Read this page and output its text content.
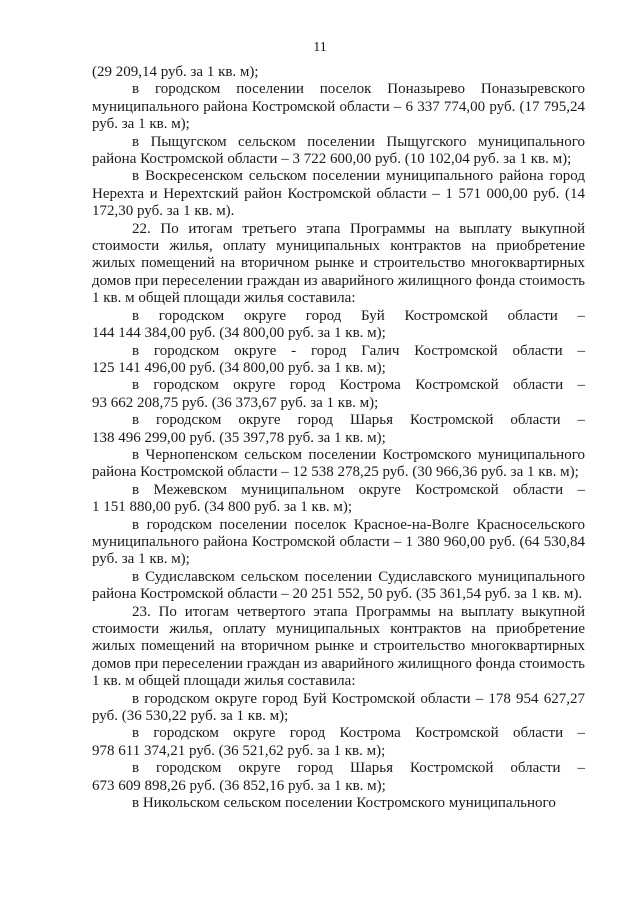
11

(29 209,14 руб. за 1 кв. м);

в городском поселении поселок Поназырево Поназыревского

муниципального района Костромской области – 6 337 774,00 руб. (17 795,24 руб. за 1 кв. м);

в Пыщугском сельском поселении Пыщугского муниципального

района Костромской области – 3 722 600,00 руб. (10 102,04 руб. за 1 кв. м);

в Воскресенском сельском поселении муниципального района город

Нерехта и Нерехтский район Костромской области – 1 571 000,00 руб. (14 172,30 руб. за 1 кв. м).

22. По итогам третьего этапа Программы на выплату выкупной

стоимости жилья, оплату муниципальных контрактов на приобретение жилых помещений на вторичном рынке и строительство многоквартирных домов при переселении граждан из аварийного жилищного фонда стоимость 1 кв. м общей площади жилья составила:

в городском округе город Буй Костромской области –

144 144 384,00 руб. (34 800,00 руб. за 1 кв. м);

в городском округе - город Галич Костромской области –

125 141 496,00 руб. (34 800,00 руб. за 1 кв. м);

в городском округе город Кострома Костромской области –

93 662 208,75 руб. (36 373,67 руб. за 1 кв. м);

в городском округе город Шарья Костромской области –

138 496 299,00 руб. (35 397,78 руб. за 1 кв. м);

в Чернопенском сельском поселении Костромского муниципального

района Костромской области – 12 538 278,25 руб. (30 966,36 руб. за 1 кв. м);

в Межевском муниципальном округе Костромской области –

1 151 880,00 руб. (34 800 руб. за 1 кв. м);

в городском поселении поселок Красное-на-Волге Красносельского

муниципального района Костромской области – 1 380 960,00 руб. (64 530,84 руб. за 1 кв. м);

в Судиславском сельском поселении Судиславского муниципального

района Костромской области – 20 251 552, 50 руб. (35 361,54 руб. за 1 кв. м).

23. По итогам четвертого этапа Программы на выплату выкупной

стоимости жилья, оплату муниципальных контрактов на приобретение жилых помещений на вторичном рынке и строительство многоквартирных домов при переселении граждан из аварийного жилищного фонда стоимость 1 кв. м общей площади жилья составила:

в городском округе город Буй Костромской области – 178 954 627,27

руб. (36 530,22 руб. за 1 кв. м);

в городском округе город Кострома Костромской области –

978 611 374,21 руб. (36 521,62 руб. за 1 кв. м);

в городском округе город Шарья Костромской области –

673 609 898,26 руб. (36 852,16 руб. за 1 кв. м);

в Никольском сельском поселении Костромского муниципального
